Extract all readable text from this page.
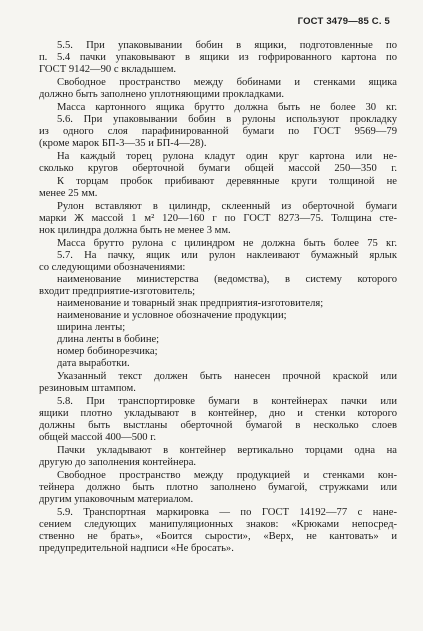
ГОСТ 3479—85 С. 5
5.5. При упаковывании бобин в ящики, подготовленные по
п. 5.4 пачки упаковывают в ящики из гофрированного картона по
ГОСТ 9142—90 с вкладышем.
Свободное пространство между бобинами и стенками ящика
должно быть заполнено уплотняющими прокладками.
Масса картонного ящика брутто должна быть не более 30 кг.
5.6. При упаковывании бобин в рулоны используют прокладку
из одного слоя парафинированной бумаги по ГОСТ 9569—79
(кроме марок БП-3—35 и БП-4—28).
На каждый торец рулона кладут один круг картона или не-
сколько кругов оберточной бумаги общей массой 250—350 г.
К торцам пробок прибивают деревянные круги толщиной не
менее 25 мм.
Рулон вставляют в цилиндр, склеенный из оберточной бумаги
марки Ж массой 1 м² 120—160 г по ГОСТ 8273—75. Толщина сте-
нок цилиндра должна быть не менее 3 мм.
Масса брутто рулона с цилиндром не должна быть более 75 кг.
5.7. На пачку, ящик или рулон наклеивают бумажный ярлык
со следующими обозначениями:
наименование министерства (ведомства), в систему которого
входит предприятие-изготовитель;
наименование и товарный знак предприятия-изготовителя;
наименование и условное обозначение продукции;
ширина ленты;
длина ленты в бобине;
номер бобинорезчика;
дата выработки.
Указанный текст должен быть нанесен прочной краской или
резиновым штампом.
5.8. При транспортировке бумаги в контейнерах пачки или
ящики плотно укладывают в контейнер, дно и стенки которого
должны быть выстланы оберточной бумагой в несколько слоев
общей массой 400—500 г.
Пачки укладывают в контейнер вертикально торцами одна на
другую до заполнения контейнера.
Свободное пространство между продукцией и стенками кон-
тейнера должно быть плотно заполнено бумагой, стружками или
другим упаковочным материалом.
5.9. Транспортная маркировка — по ГОСТ 14192—77 с нане-
сением следующих манипуляционных знаков: «Крюками непосред-
ственно не брать», «Боится сырости», «Верх, не кантовать» и
предупредительной надписи «Не бросать».
